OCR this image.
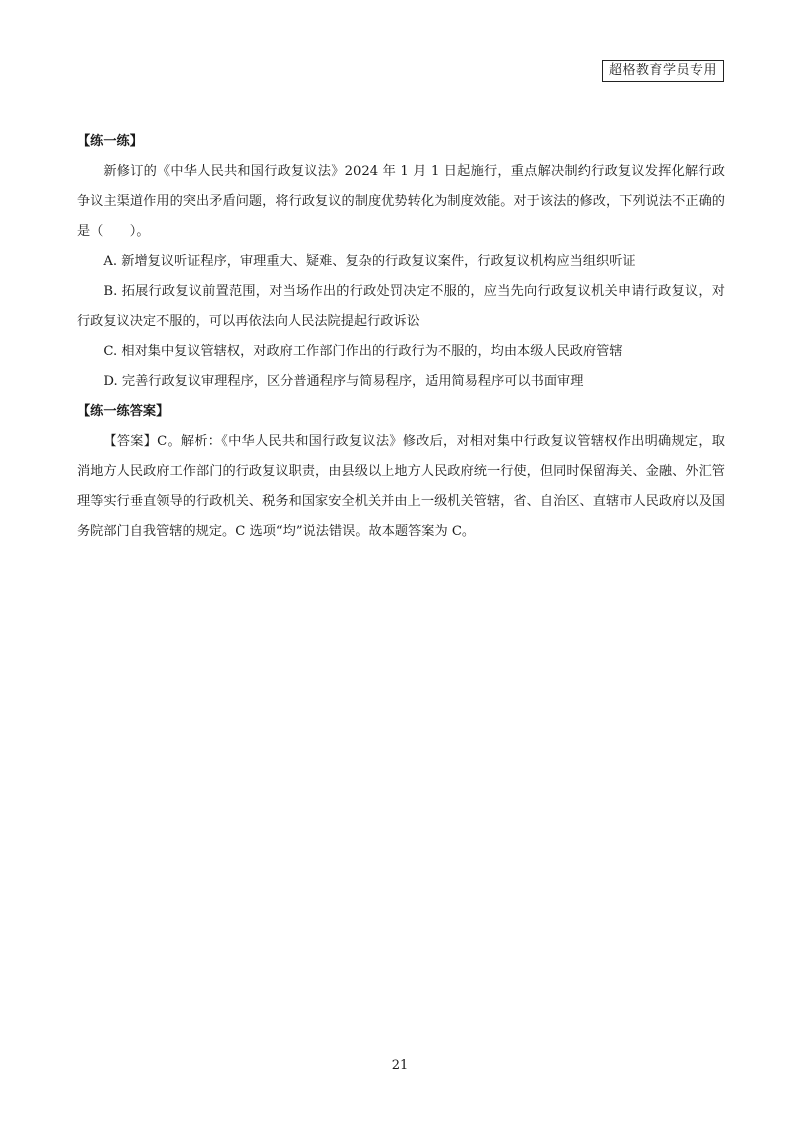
超格教育学员专用

【练一练】

新修订的《中华人民共和国行政复议法》2024 年 1 月 1 日起施行，重点解决制约行政复议发挥化解行政争议主渠道作用的突出矛盾问题，将行政复议的制度优势转化为制度效能。对于该法的修改，下列说法不正确的是（　　）。

A. 新增复议听证程序，审理重大、疑难、复杂的行政复议案件，行政复议机构应当组织听证

B. 拓展行政复议前置范围，对当场作出的行政处罚决定不服的，应当先向行政复议机关申请行政复议，对行政复议决定不服的，可以再依法向人民法院提起行政诉讼

C. 相对集中复议管辖权，对政府工作部门作出的行政行为不服的，均由本级人民政府管辖

D. 完善行政复议审理程序，区分普通程序与简易程序，适用简易程序可以书面审理

【练一练答案】

【答案】C。解析：《中华人民共和国行政复议法》修改后，对相对集中行政复议管辖权作出明确规定，取消地方人民政府工作部门的行政复议职责，由县级以上地方人民政府统一行使，但同时保留海关、金融、外汇管理等实行垂直领导的行政机关、税务和国家安全机关并由上一级机关管辖，省、自治区、直辖市人民政府以及国务院部门自我管辖的规定。C 选项“均”说法错误。故本题答案为 C。

21
